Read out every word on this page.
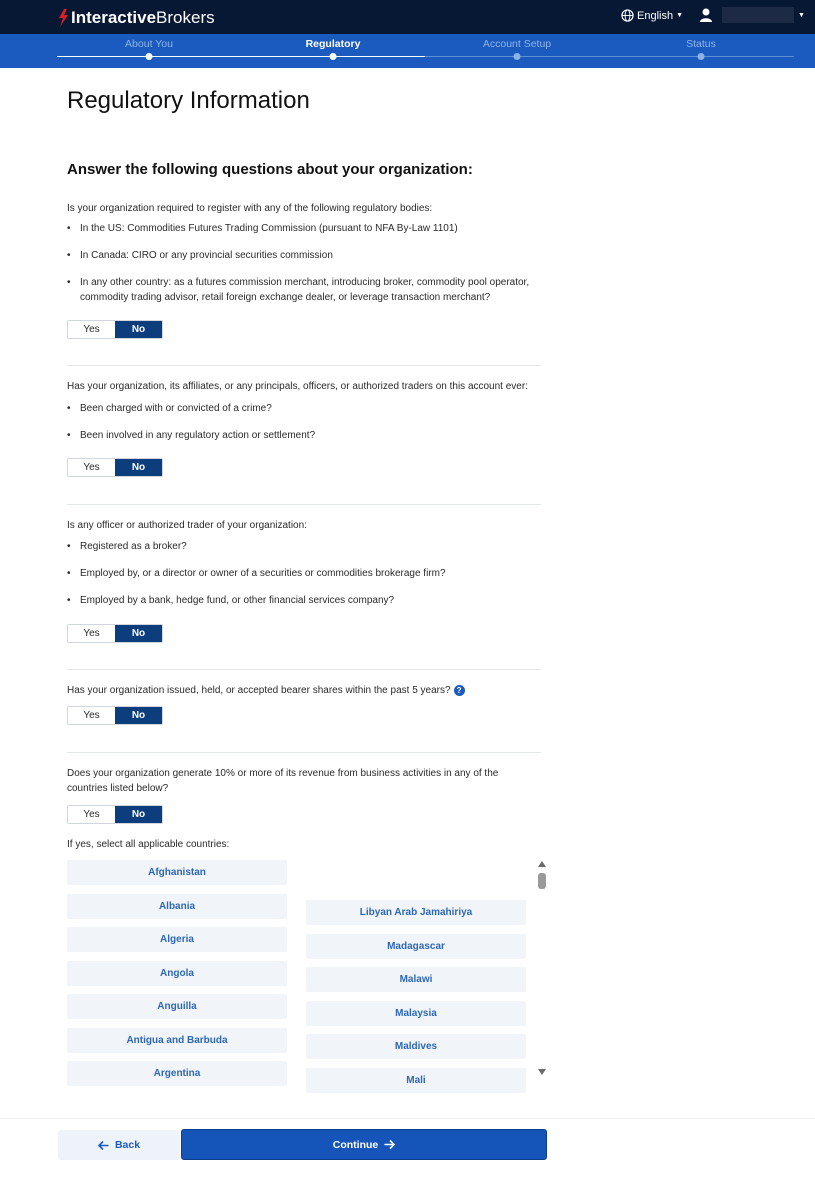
Interactive Brokers	English ▼	▼
About You	Regulatory	Account Setup	Status
Regulatory Information
Answer the following questions about your organization:
Is your organization required to register with any of the following regulatory bodies:
• In the US: Commodities Futures Trading Commission (pursuant to NFA By-Law 1101)
• In Canada: CIRO or any provincial securities commission
• In any other country: as a futures commission merchant, introducing broker, commodity pool operator, commodity trading advisor, retail foreign exchange dealer, or leverage transaction merchant?
Yes	No
Has your organization, its affiliates, or any principals, officers, or authorized traders on this account ever:
• Been charged with or convicted of a crime?
• Been involved in any regulatory action or settlement?
Yes	No
Is any officer or authorized trader of your organization:
• Registered as a broker?
• Employed by, or a director or owner of a securities or commodities brokerage firm?
• Employed by a bank, hedge fund, or other financial services company?
Yes	No
Has your organization issued, held, or accepted bearer shares within the past 5 years? ?
Yes	No
Does your organization generate 10% or more of its revenue from business activities in any of the countries listed below?
Yes	No
If yes, select all applicable countries:
Afghanistan
Albania
Algeria
Angola
Anguilla
Antigua and Barbuda
Argentina
Libyan Arab Jamahiriya
Madagascar
Malawi
Malaysia
Maldives
Mali
Back	Continue
